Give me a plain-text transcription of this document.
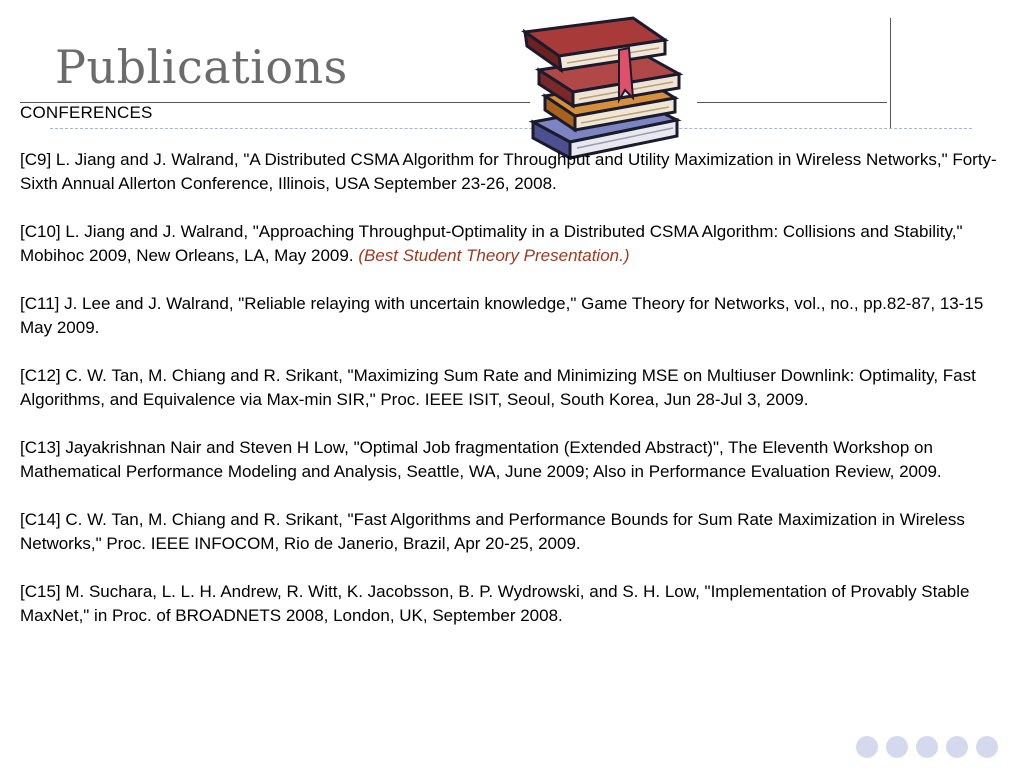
Publications
CONFERENCES
[C9] L. Jiang and J. Walrand, "A Distributed CSMA Algorithm for Throughput and Utility Maximization in Wireless Networks," Forty-Sixth Annual Allerton Conference, Illinois, USA September 23-26, 2008.
[C10] L. Jiang and J. Walrand, "Approaching Throughput-Optimality in a Distributed CSMA Algorithm: Collisions and Stability," Mobihoc 2009, New Orleans, LA, May 2009. (Best Student Theory Presentation.)
[C11] J. Lee and J. Walrand, "Reliable relaying with uncertain knowledge," Game Theory for Networks, vol., no., pp.82-87, 13-15 May 2009.
[C12] C. W. Tan, M. Chiang and R. Srikant, "Maximizing Sum Rate and Minimizing MSE on Multiuser Downlink: Optimality, Fast Algorithms, and Equivalence via Max-min SIR," Proc. IEEE ISIT, Seoul, South Korea, Jun 28-Jul 3, 2009.
[C13] Jayakrishnan Nair and Steven H Low, "Optimal Job fragmentation (Extended Abstract)", The Eleventh Workshop on Mathematical Performance Modeling and Analysis, Seattle, WA, June 2009; Also in Performance Evaluation Review, 2009.
[C14] C. W. Tan, M. Chiang and R. Srikant, "Fast Algorithms and Performance Bounds for Sum Rate Maximization in Wireless Networks," Proc. IEEE INFOCOM, Rio de Janerio, Brazil, Apr 20-25, 2009.
[C15] M. Suchara, L. L. H. Andrew, R. Witt, K. Jacobsson, B. P. Wydrowski, and S. H. Low, "Implementation of Provably Stable MaxNet," in Proc. of BROADNETS 2008, London, UK, September 2008.
